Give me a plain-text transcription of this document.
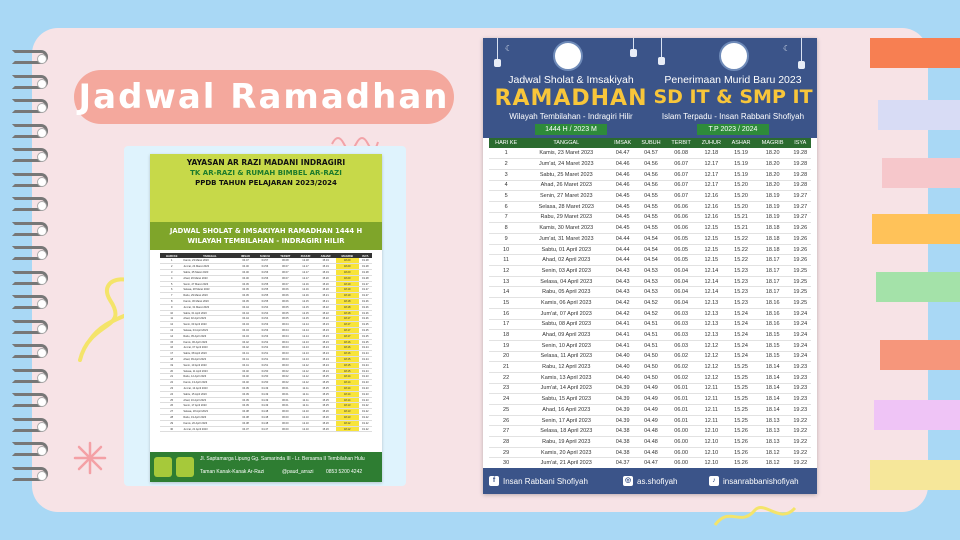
Jadwal Ramadhan
YAYASAN AR RAZI MADANI INDRAGIRI
TK AR-RAZI & RUMAH BIMBEL AR-RAZI
PPDB TAHUN PELAJARAN 2023/2024
JADWAL SHOLAT & IMSAKIYAH RAMADHAN 1444 H
WILAYAH TEMBILAHAN - INDRAGIRI HILIR
HARI KE	TANGGAL	IMSAK	SUBUH	TERBIT	ZUHUR	ASHAR	MAGRIB	ISYA
1	Kamis, 23 Maret 2023	04.47	04.57	06.08	12.18	15.19	18.20	19.28
2	Jum'at, 24 Maret 2023	04.46	04.56	06.07	12.17	15.19	18.20	19.28
3	Sabtu, 25 Maret 2023	04.46	04.56	06.07	12.17	15.19	18.20	19.28
4	Ahad, 26 Maret 2023	04.46	04.56	06.07	12.17	15.20	18.20	19.28
5	Senin, 27 Maret 2023	04.45	04.55	06.07	12.16	15.20	18.19	19.27
6	Selasa, 28 Maret 2023	04.45	04.55	06.06	12.16	15.20	18.19	19.27
7	Rabu, 29 Maret 2023	04.45	04.55	06.06	12.16	15.21	18.19	19.27
8	Kamis, 30 Maret 2023	04.45	04.55	06.06	12.15	15.21	18.18	19.26
9	Jum'at, 31 Maret 2023	04.44	04.54	06.05	12.15	15.22	18.18	19.26
10	Sabtu, 01 April 2023	04.44	04.54	06.05	12.15	15.22	18.18	19.26
11	Ahad, 02 April 2023	04.44	04.54	06.05	12.15	15.22	18.17	19.26
12	Senin, 03 April 2023	04.43	04.53	06.04	12.14	15.23	18.17	19.25
13	Selasa, 04 April 2023	04.43	04.53	06.04	12.14	15.23	18.17	19.25
14	Rabu, 05 April 2023	04.43	04.53	06.04	12.14	15.23	18.17	19.25
15	Kamis, 06 April 2023	04.42	04.52	06.04	12.13	15.23	18.16	19.25
16	Jum'at, 07 April 2023	04.42	04.52	06.03	12.13	15.24	18.16	19.24
17	Sabtu, 08 April 2023	04.41	04.51	06.03	12.13	15.24	18.16	19.24
18	Ahad, 09 April 2023	04.41	04.51	06.03	12.13	15.24	18.15	19.24
19	Senin, 10 April 2023	04.41	04.51	06.03	12.12	15.24	18.15	19.24
20	Selasa, 11 April 2023	04.40	04.50	06.02	12.12	15.24	18.15	19.24
21	Rabu, 12 April 2023	04.40	04.50	06.02	12.12	15.25	18.14	19.23
22	Kamis, 13 April 2023	04.40	04.50	06.02	12.12	15.25	18.14	19.23
23	Jum'at, 14 April 2023	04.39	04.49	06.01	12.11	15.25	18.14	19.23
24	Sabtu, 15 April 2023	04.39	04.49	06.01	12.11	15.25	18.14	19.23
25	Ahad, 16 April 2023	04.39	04.49	06.01	12.11	15.25	18.14	19.23
26	Senin, 17 April 2023	04.39	04.49	06.01	12.11	15.25	18.13	19.22
27	Selasa, 18 April 2023	04.38	04.48	06.00	12.10	15.26	18.13	19.22
28	Rabu, 19 April 2023	04.38	04.48	06.00	12.10	15.26	18.13	19.22
29	Kamis, 20 April 2023	04.38	04.48	06.00	12.10	15.26	18.12	19.22
30	Jum'at, 21 April 2023	04.37	04.47	06.00	12.10	15.26	18.12	19.22
Jl. Saptamarga Lipung Gg. Samarinda III - Lr. Bersama II Tembilahan Hulu
Taman Kanak-Kanak Ar-Razi	@paud_arrazi	0853 5200 4242
☾	☾
Jadwal Sholat & Imsakiyah
RAMADHAN
Wilayah Tembilahan - Indragiri Hilir
1444 H / 2023 M
Penerimaan Murid Baru 2023
SD IT & SMP IT
Islam Terpadu - Insan Rabbani Shofiyah
T.P 2023 / 2024
HARI KE	TANGGAL	IMSAK	SUBUH	TERBIT	ZUHUR	ASHAR	MAGRIB	ISYA
1	Kamis, 23 Maret 2023	04.47	04.57	06.08	12.18	15.19	18.20	19.28
2	Jum'at, 24 Maret 2023	04.46	04.56	06.07	12.17	15.19	18.20	19.28
3	Sabtu, 25 Maret 2023	04.46	04.56	06.07	12.17	15.19	18.20	19.28
4	Ahad, 26 Maret 2023	04.46	04.56	06.07	12.17	15.20	18.20	19.28
5	Senin, 27 Maret 2023	04.45	04.55	06.07	12.16	15.20	18.19	19.27
6	Selasa, 28 Maret 2023	04.45	04.55	06.06	12.16	15.20	18.19	19.27
7	Rabu, 29 Maret 2023	04.45	04.55	06.06	12.16	15.21	18.19	19.27
8	Kamis, 30 Maret 2023	04.45	04.55	06.06	12.15	15.21	18.18	19.26
9	Jum'at, 31 Maret 2023	04.44	04.54	06.05	12.15	15.22	18.18	19.26
10	Sabtu, 01 April 2023	04.44	04.54	06.05	12.15	15.22	18.18	19.26
11	Ahad, 02 April 2023	04.44	04.54	06.05	12.15	15.22	18.17	19.26
12	Senin, 03 April 2023	04.43	04.53	06.04	12.14	15.23	18.17	19.25
13	Selasa, 04 April 2023	04.43	04.53	06.04	12.14	15.23	18.17	19.25
14	Rabu, 05 April 2023	04.43	04.53	06.04	12.14	15.23	18.17	19.25
15	Kamis, 06 April 2023	04.42	04.52	06.04	12.13	15.23	18.16	19.25
16	Jum'at, 07 April 2023	04.42	04.52	06.03	12.13	15.24	18.16	19.24
17	Sabtu, 08 April 2023	04.41	04.51	06.03	12.13	15.24	18.16	19.24
18	Ahad, 09 April 2023	04.41	04.51	06.03	12.13	15.24	18.15	19.24
19	Senin, 10 April 2023	04.41	04.51	06.03	12.12	15.24	18.15	19.24
20	Selasa, 11 April 2023	04.40	04.50	06.02	12.12	15.24	18.15	19.24
21	Rabu, 12 April 2023	04.40	04.50	06.02	12.12	15.25	18.14	19.23
22	Kamis, 13 April 2023	04.40	04.50	06.02	12.12	15.25	18.14	19.23
23	Jum'at, 14 April 2023	04.39	04.49	06.01	12.11	15.25	18.14	19.23
24	Sabtu, 15 April 2023	04.39	04.49	06.01	12.11	15.25	18.14	19.23
25	Ahad, 16 April 2023	04.39	04.49	06.01	12.11	15.25	18.14	19.23
26	Senin, 17 April 2023	04.39	04.49	06.01	12.11	15.25	18.13	19.22
27	Selasa, 18 April 2023	04.38	04.48	06.00	12.10	15.26	18.13	19.22
28	Rabu, 19 April 2023	04.38	04.48	06.00	12.10	15.26	18.13	19.22
29	Kamis, 20 April 2023	04.38	04.48	06.00	12.10	15.26	18.12	19.22
30	Jum'at, 21 April 2023	04.37	04.47	06.00	12.10	15.26	18.12	19.22
f Insan Rabbani Shofiyah	◎ as.shofiyah	♪ insanrabbanishofiyah
